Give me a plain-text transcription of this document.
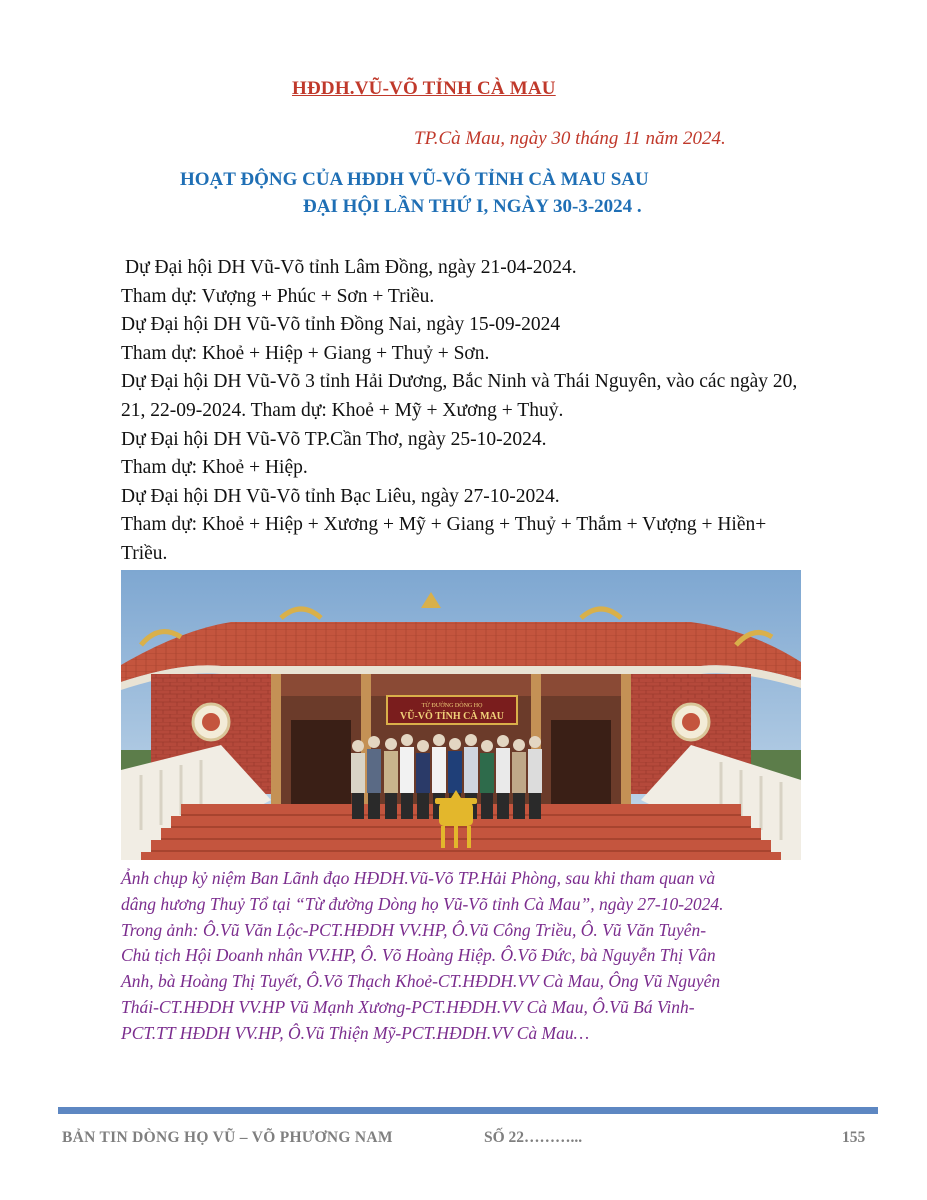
HĐDH.VŨ-VÕ TỈNH CÀ MAU
TP.Cà Mau, ngày 30 tháng 11 năm 2024.
HOẠT ĐỘNG CỦA HĐDH VŨ-VÕ TỈNH CÀ MAU SAU
ĐẠI HỘI LẦN THỨ I, NGÀY 30-3-2024 .

Dự Đại hội DH Vũ-Võ tỉnh Lâm Đồng, ngày 21-04-2024.

Tham dự: Vượng + Phúc + Sơn + Triều.

Dự Đại hội DH Vũ-Võ tỉnh Đồng Nai, ngày 15-09-2024

Tham dự: Khoẻ + Hiệp + Giang + Thuỷ + Sơn.

Dự Đại hội DH Vũ-Võ 3 tỉnh Hải Dương, Bắc Ninh và Thái Nguyên, vào các ngày 20,

21, 22-09-2024. Tham dự: Khoẻ + Mỹ + Xương + Thuỷ.

Dự Đại hội DH Vũ-Võ TP.Cần Thơ, ngày 25-10-2024.

Tham dự: Khoẻ + Hiệp.

Dự Đại hội DH Vũ-Võ tỉnh Bạc Liêu, ngày 27-10-2024.

Tham dự: Khoẻ + Hiệp + Xương + Mỹ + Giang + Thuỷ + Thắm + Vượng + Hiền+

Triều.

TỪ ĐƯỜNG DÒNG HỌ
VŨ-VÕ TỈNH CÀ MAU

Ảnh chụp kỷ niệm Ban Lãnh đạo HĐDH.Vũ-Võ TP.Hải Phòng, sau khi tham quan và

dâng hương Thuỷ Tổ tại “Từ đường Dòng họ Vũ-Võ tỉnh Cà Mau”, ngày 27-10-2024.

Trong ảnh: Ô.Vũ Văn Lộc-PCT.HĐDH VV.HP, Ô.Vũ Công Triều, Ô. Vũ Văn Tuyên-

Chủ tịch Hội Doanh nhân VV.HP, Ô. Võ Hoàng Hiệp. Ô.Võ Đức, bà Nguyễn Thị Vân

Anh, bà Hoàng Thị Tuyết, Ô.Võ Thạch Khoẻ-CT.HĐDH.VV Cà Mau, Ông Vũ Nguyên

Thái-CT.HĐDH VV.HP Vũ Mạnh Xương-PCT.HĐDH.VV Cà Mau, Ô.Vũ Bá Vinh-

PCT.TT HĐDH VV.HP, Ô.Vũ Thiện Mỹ-PCT.HĐDH.VV Cà Mau…

BẢN TIN DÒNG HỌ VŨ – VÕ PHƯƠNG NAM	SỐ 22………...	155
